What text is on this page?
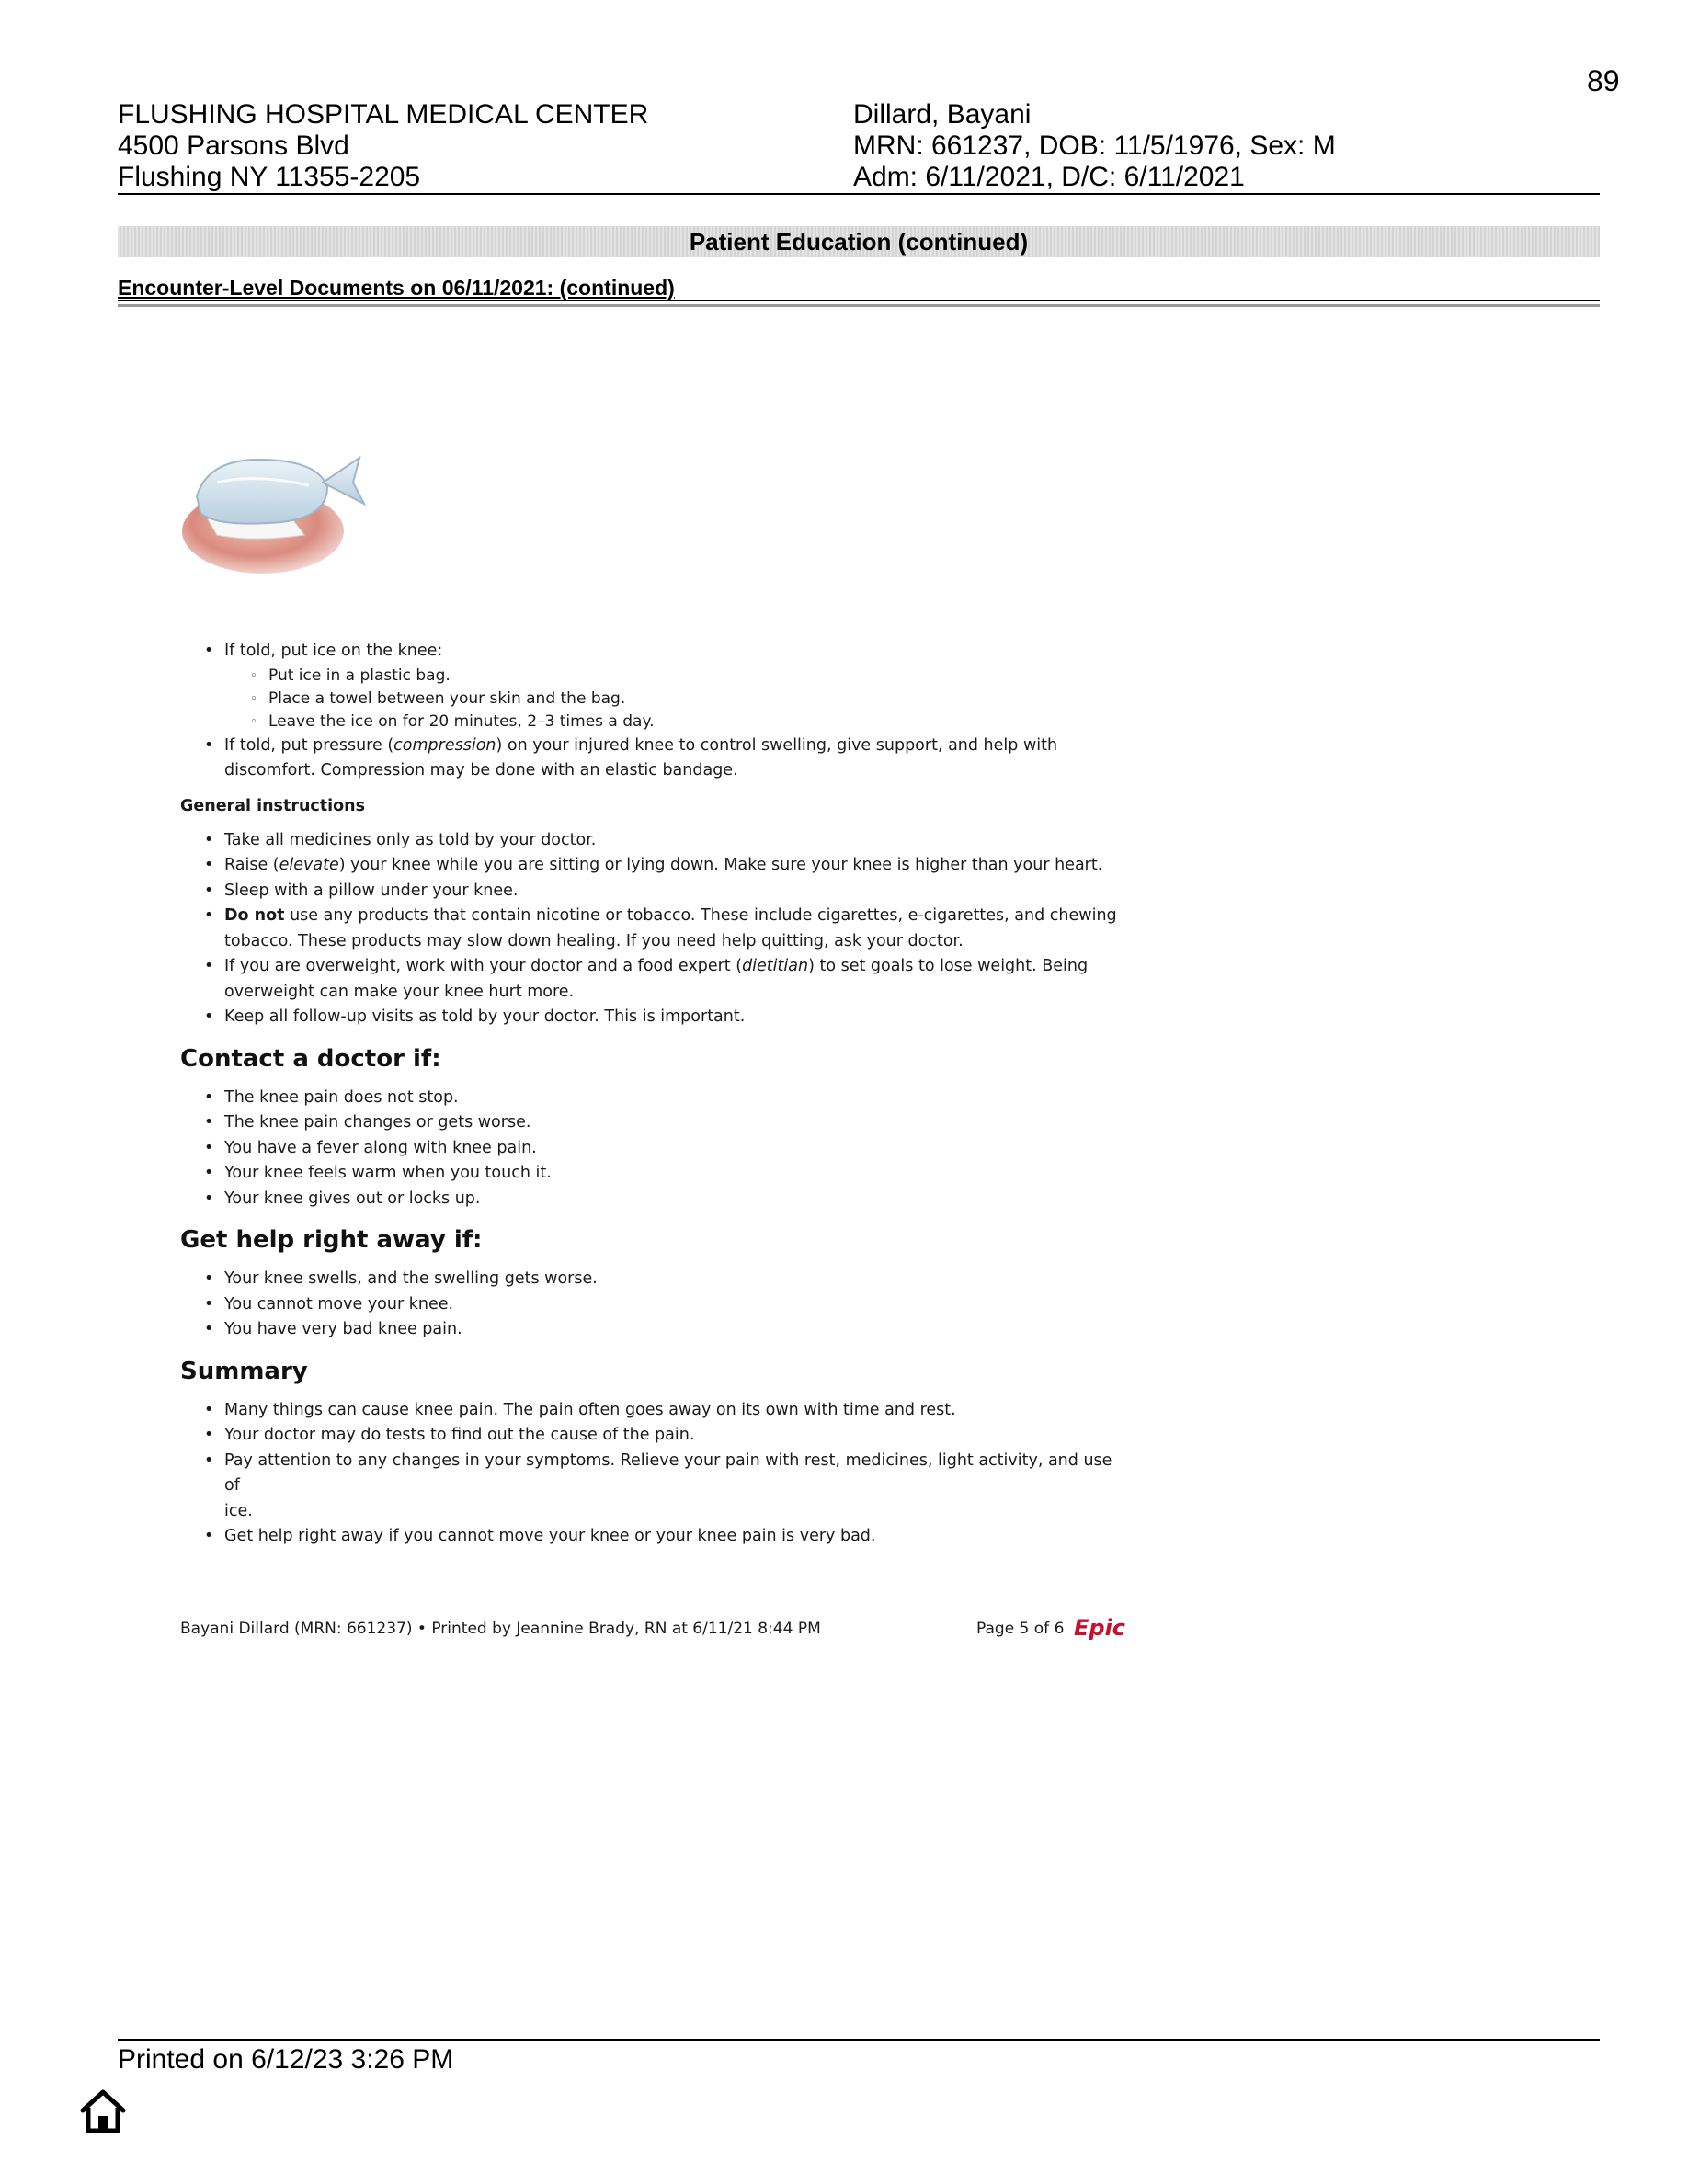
89
FLUSHING HOSPITAL MEDICAL CENTER
4500 Parsons Blvd
Flushing NY 11355-2205
Dillard, Bayani
MRN: 661237, DOB: 11/5/1976, Sex: M
Adm: 6/11/2021, D/C: 6/11/2021
Patient Education (continued)
Encounter-Level Documents on 06/11/2021: (continued)
• If told, put ice on the knee:
◦ Put ice in a plastic bag.
◦ Place a towel between your skin and the bag.
◦ Leave the ice on for 20 minutes, 2–3 times a day.
• If told, put pressure (compression) on your injured knee to control swelling, give support, and help with
discomfort. Compression may be done with an elastic bandage.
General instructions
• Take all medicines only as told by your doctor.
• Raise (elevate) your knee while you are sitting or lying down. Make sure your knee is higher than your heart.
• Sleep with a pillow under your knee.
• Do not use any products that contain nicotine or tobacco. These include cigarettes, e-cigarettes, and chewing
tobacco. These products may slow down healing. If you need help quitting, ask your doctor.
• If you are overweight, work with your doctor and a food expert (dietitian) to set goals to lose weight. Being
overweight can make your knee hurt more.
• Keep all follow-up visits as told by your doctor. This is important.
Contact a doctor if:
• The knee pain does not stop.
• The knee pain changes or gets worse.
• You have a fever along with knee pain.
• Your knee feels warm when you touch it.
• Your knee gives out or locks up.
Get help right away if:
• Your knee swells, and the swelling gets worse.
• You cannot move your knee.
• You have very bad knee pain.
Summary
• Many things can cause knee pain. The pain often goes away on its own with time and rest.
• Your doctor may do tests to find out the cause of the pain.
• Pay attention to any changes in your symptoms. Relieve your pain with rest, medicines, light activity, and use of
ice.
• Get help right away if you cannot move your knee or your knee pain is very bad.
Bayani Dillard (MRN: 661237) • Printed by Jeannine Brady, RN at 6/11/21 8:44 PM	Page 5 of 6 Epic
Printed on 6/12/23 3:26 PM
